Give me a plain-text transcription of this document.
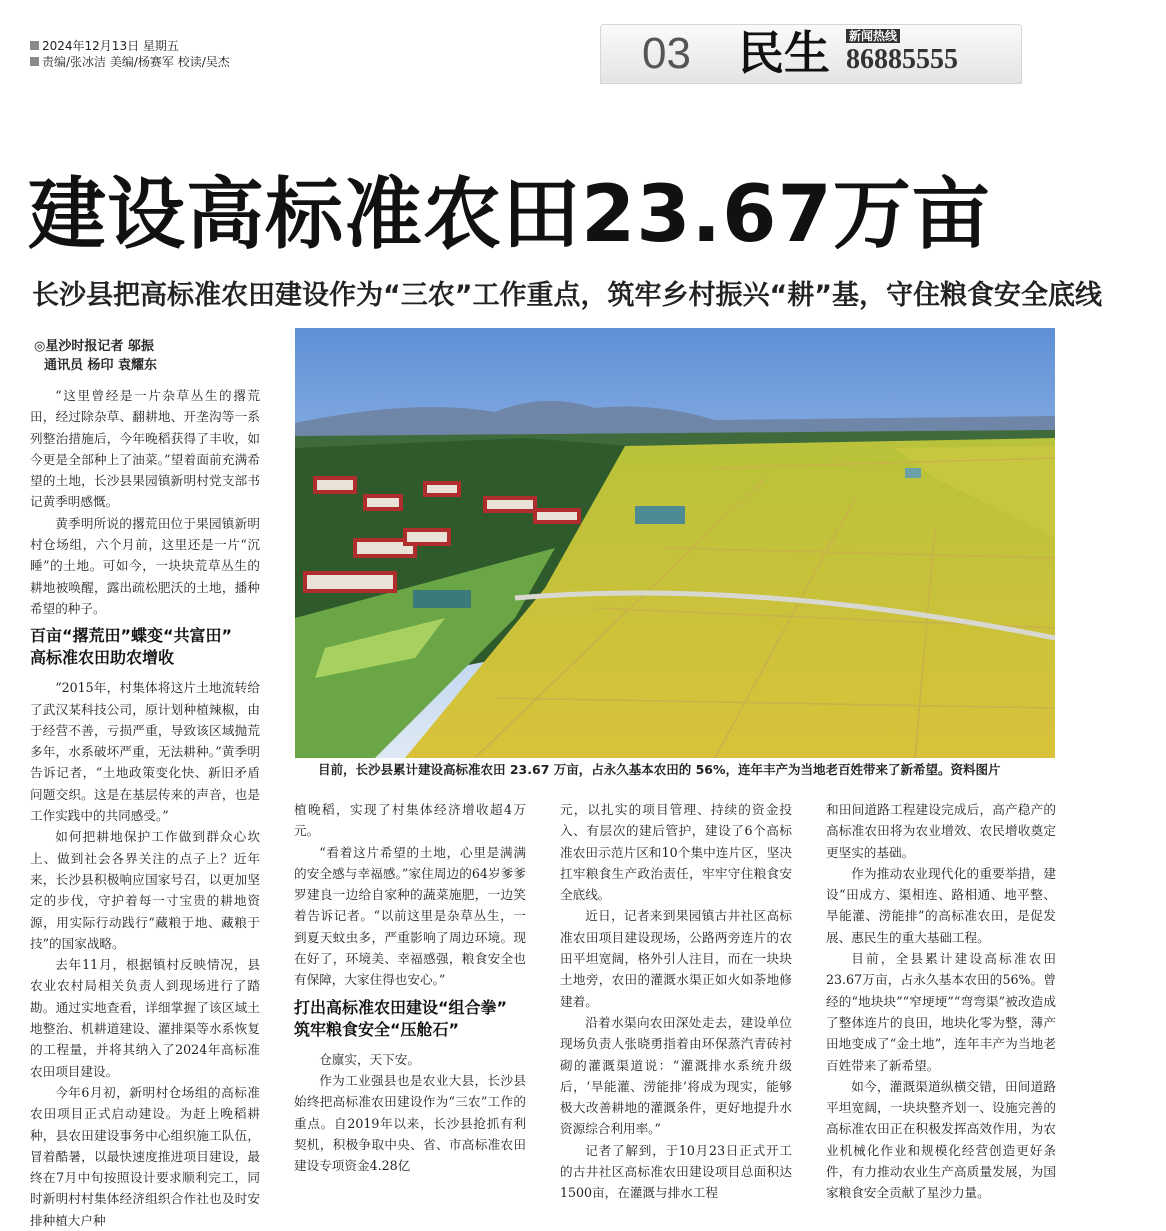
2024年12月13日 星期五
责编/张冰洁 美编/杨赛军 校读/吴杰	03 民生 新闻热线
86885555
建设高标准农田23.67万亩
长沙县把高标准农田建设作为“三农”工作重点，筑牢乡村振兴“耕”基，守住粮食安全底线
◎星沙时报记者 邬振
通讯员 杨印 袁耀东
目前，长沙县累计建设高标准农田 23.67 万亩，占永久基本农田的 56%，连年丰产为当地老百姓带来了新希望。资料图片

“这里曾经是一片杂草丛生的撂荒田，经过除杂草、翻耕地、开垄沟等一系列整治措施后，今年晚稻获得了丰收，如今更是全部种上了油菜。”望着面前充满希望的土地，长沙县果园镇新明村党支部书记黄季明感慨。

黄季明所说的撂荒田位于果园镇新明村仓场组，六个月前，这里还是一片“沉睡”的土地。可如今，一块块荒草丛生的耕地被唤醒，露出疏松肥沃的土地，播种希望的种子。

百亩“撂荒田”蝶变“共富田”
高标准农田助农增收

“2015年，村集体将这片土地流转给了武汉某科技公司，原计划种植辣椒，由于经营不善，亏损严重，导致该区域抛荒多年，水系破坏严重，无法耕种。”黄季明告诉记者，“土地政策变化快、新旧矛盾问题交织。这是在基层传来的声音，也是工作实践中的共同感受。”

如何把耕地保护工作做到群众心坎上、做到社会各界关注的点子上？近年来，长沙县积极响应国家号召，以更加坚定的步伐，守护着每一寸宝贵的耕地资源，用实际行动践行“藏粮于地、藏粮于技”的国家战略。

去年11月，根据镇村反映情况，县农业农村局相关负责人到现场进行了踏勘。通过实地查看，详细掌握了该区域土地整治、机耕道建设、灌排渠等水系恢复的工程量，并将其纳入了2024年高标准农田项目建设。

今年6月初，新明村仓场组的高标准农田项目正式启动建设。为赶上晚稻耕种，县农田建设事务中心组织施工队伍，冒着酷暑，以最快速度推进项目建设，最终在7月中旬按照设计要求顺利完工，同时新明村村集体经济组织合作社也及时安排种植大户种

植晚稻，实现了村集体经济增收超4万元。

“看着这片希望的土地，心里是满满的安全感与幸福感。”家住周边的64岁爹爹罗建良一边给自家种的蔬菜施肥，一边笑着告诉记者。“以前这里是杂草丛生，一到夏天蚊虫多，严重影响了周边环境。现在好了，环境美、幸福感强，粮食安全也有保障，大家住得也安心。”

打出高标准农田建设“组合拳”
筑牢粮食安全“压舱石”

仓廪实，天下安。

作为工业强县也是农业大县，长沙县始终把高标准农田建设作为“三农”工作的重点。自2019年以来，长沙县抢抓有利契机，积极争取中央、省、市高标准农田建设专项资金4.28亿

元，以扎实的项目管理、持续的资金投入、有层次的建后管护，建设了6个高标准农田示范片区和10个集中连片区，坚决扛牢粮食生产政治责任，牢牢守住粮食安全底线。

近日，记者来到果园镇古井社区高标准农田项目建设现场，公路两旁连片的农田平坦宽阔，格外引人注目，而在一块块土地旁，农田的灌溉水渠正如火如荼地修建着。

沿着水渠向农田深处走去，建设单位现场负责人张晓勇指着由环保蒸汽青砖衬砌的灌溉渠道说：“灌溉排水系统升级后，‘旱能灌、涝能排’将成为现实，能够极大改善耕地的灌溉条件，更好地提升水资源综合利用率。”

记者了解到，于10月23日正式开工的古井社区高标准农田建设项目总面积达1500亩，在灌溉与排水工程

和田间道路工程建设完成后，高产稳产的高标准农田将为农业增效、农民增收奠定更坚实的基础。

作为推动农业现代化的重要举措，建设“田成方、渠相连、路相通、地平整、旱能灌、涝能排”的高标准农田，是促发展、惠民生的重大基础工程。

目前，全县累计建设高标准农田23.67万亩，占永久基本农田的56%。曾经的“地块块”“窄埂埂”“弯弯渠”被改造成了整体连片的良田，地块化零为整，薄产田地变成了“金土地”，连年丰产为当地老百姓带来了新希望。

如今，灌溉渠道纵横交错，田间道路平坦宽阔，一块块整齐划一、设施完善的高标准农田正在积极发挥高效作用，为农业机械化作业和规模化经营创造更好条件，有力推动农业生产高质量发展，为国家粮食安全贡献了星沙力量。
